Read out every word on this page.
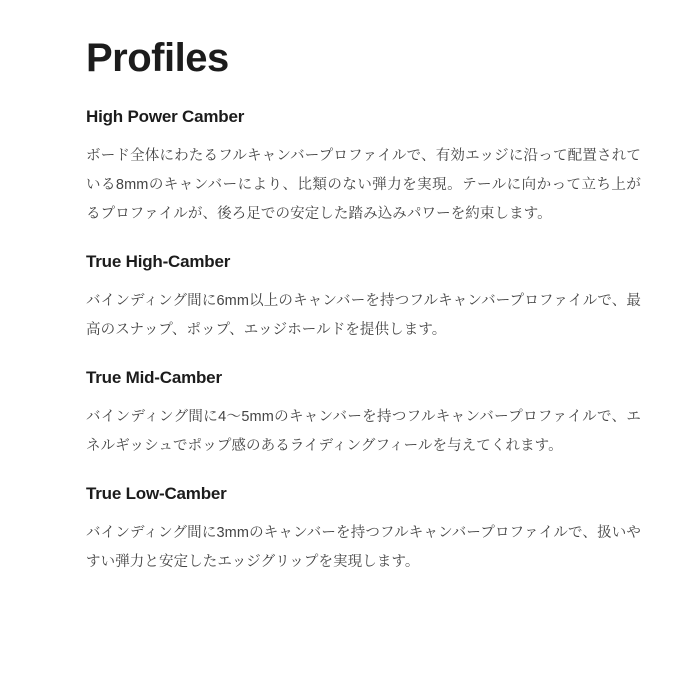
Profiles
High Power Camber

ボード全体にわたるフルキャンバープロファイルで、有効エッジに沿って配置されている8mmのキャンバーにより、比類のない弾力を実現。テールに向かって立ち上がるプロファイルが、後ろ足での安定した踏み込みパワーを約束します。

True High-Camber

バインディング間に6mm以上のキャンバーを持つフルキャンバープロファイルで、最高のスナップ、ポップ、エッジホールドを提供します。

True Mid-Camber

バインディング間に4〜5mmのキャンバーを持つフルキャンバープロファイルで、エネルギッシュでポップ感のあるライディングフィールを与えてくれます。

True Low-Camber

バインディング間に3mmのキャンバーを持つフルキャンバープロファイルで、扱いやすい弾力と安定したエッジグリップを実現します。
